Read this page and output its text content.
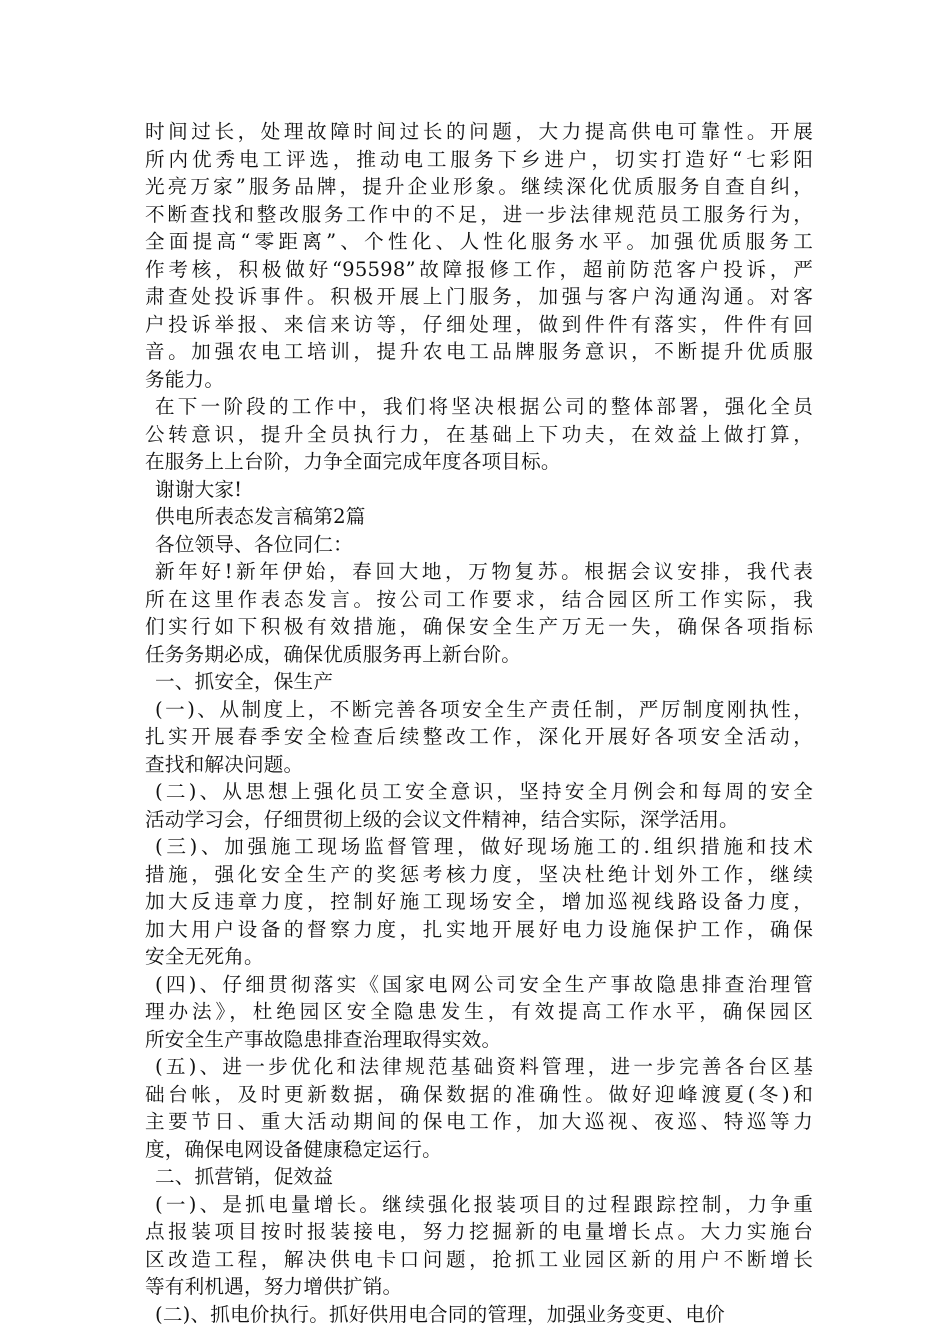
时间过长，处理故障时间过长的问题，大力提高供电可靠性。开展
所内优秀电工评选，推动电工服务下乡进户，切实打造好“七彩阳
光亮万家”服务品牌，提升企业形象。继续深化优质服务自查自纠，
不断查找和整改服务工作中的不足，进一步法律规范员工服务行为，
全面提高“零距离”、个性化、人性化服务水平。加强优质服务工
作考核，积极做好“95598”故障报修工作，超前防范客户投诉，严
肃查处投诉事件。积极开展上门服务，加强与客户沟通沟通。对客
户投诉举报、来信来访等，仔细处理，做到件件有落实，件件有回
音。加强农电工培训，提升农电工品牌服务意识，不断提升优质服
务能力。
在下一阶段的工作中，我们将坚决根据公司的整体部署，强化全员
公转意识，提升全员执行力，在基础上下功夫，在效益上做打算，
在服务上上台阶，力争全面完成年度各项目标。
谢谢大家!
供电所表态发言稿第2篇
各位领导、各位同仁：
新年好!新年伊始，春回大地，万物复苏。根据会议安排，我代表
所在这里作表态发言。按公司工作要求，结合园区所工作实际，我
们实行如下积极有效措施，确保安全生产万无一失，确保各项指标
任务务期必成，确保优质服务再上新台阶。
一、抓安全，保生产
(一)、从制度上，不断完善各项安全生产责任制，严厉制度刚执性，
扎实开展春季安全检查后续整改工作，深化开展好各项安全活动，
查找和解决问题。
(二)、从思想上强化员工安全意识，坚持安全月例会和每周的安全
活动学习会，仔细贯彻上级的会议文件精神，结合实际，深学活用。
(三)、加强施工现场监督管理，做好现场施工的.组织措施和技术
措施，强化安全生产的奖惩考核力度，坚决杜绝计划外工作，继续
加大反违章力度，控制好施工现场安全，增加巡视线路设备力度，
加大用户设备的督察力度，扎实地开展好电力设施保护工作，确保
安全无死角。
(四)、仔细贯彻落实《国家电网公司安全生产事故隐患排查治理管
理办法》，杜绝园区安全隐患发生，有效提高工作水平，确保园区
所安全生产事故隐患排查治理取得实效。
(五)、进一步优化和法律规范基础资料管理，进一步完善各台区基
础台帐，及时更新数据，确保数据的准确性。做好迎峰渡夏(冬)和
主要节日、重大活动期间的保电工作，加大巡视、夜巡、特巡等力
度，确保电网设备健康稳定运行。
二、抓营销，促效益
(一)、是抓电量增长。继续强化报装项目的过程跟踪控制，力争重
点报装项目按时报装接电，努力挖掘新的电量增长点。大力实施台
区改造工程，解决供电卡口问题，抢抓工业园区新的用户不断增长
等有利机遇，努力增供扩销。
(二)、抓电价执行。抓好供用电合同的管理，加强业务变更、电价
